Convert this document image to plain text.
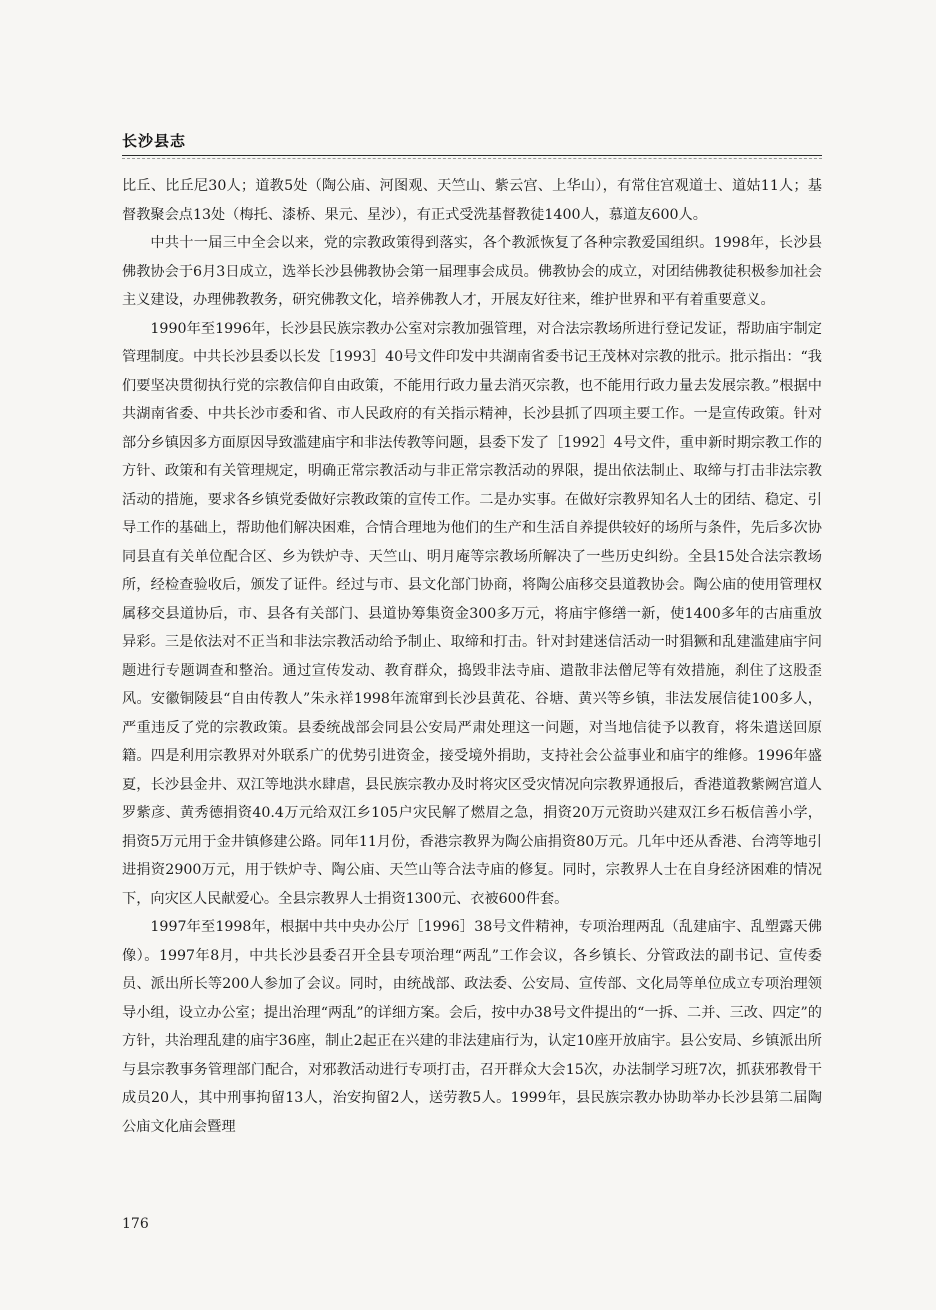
长沙县志

比丘、比丘尼30人；道教5处（陶公庙、河图观、天竺山、紫云宫、上华山），有常住宫观道士、道姑11人；基督教聚会点13处（梅托、漆桥、果元、星沙），有正式受洗基督教徒1400人，慕道友600人。

中共十一届三中全会以来，党的宗教政策得到落实，各个教派恢复了各种宗教爱国组织。1998年，长沙县佛教协会于6月3日成立，选举长沙县佛教协会第一届理事会成员。佛教协会的成立，对团结佛教徒积极参加社会主义建设，办理佛教教务，研究佛教文化，培养佛教人才，开展友好往来，维护世界和平有着重要意义。

1990年至1996年，长沙县民族宗教办公室对宗教加强管理，对合法宗教场所进行登记发证，帮助庙宇制定管理制度。中共长沙县委以长发［1993］40号文件印发中共湖南省委书记王茂林对宗教的批示。批示指出：“我们要坚决贯彻执行党的宗教信仰自由政策，不能用行政力量去消灭宗教，也不能用行政力量去发展宗教。”根据中共湖南省委、中共长沙市委和省、市人民政府的有关指示精神，长沙县抓了四项主要工作。一是宣传政策。针对部分乡镇因多方面原因导致滥建庙宇和非法传教等问题，县委下发了［1992］4号文件，重申新时期宗教工作的方针、政策和有关管理规定，明确正常宗教活动与非正常宗教活动的界限，提出依法制止、取缔与打击非法宗教活动的措施，要求各乡镇党委做好宗教政策的宣传工作。二是办实事。在做好宗教界知名人士的团结、稳定、引导工作的基础上，帮助他们解决困难，合情合理地为他们的生产和生活自养提供较好的场所与条件，先后多次协同县直有关单位配合区、乡为铁炉寺、天竺山、明月庵等宗教场所解决了一些历史纠纷。全县15处合法宗教场所，经检查验收后，颁发了证件。经过与市、县文化部门协商，将陶公庙移交县道教协会。陶公庙的使用管理权属移交县道协后，市、县各有关部门、县道协筹集资金300多万元，将庙宇修缮一新，使1400多年的古庙重放异彩。三是依法对不正当和非法宗教活动给予制止、取缔和打击。针对封建迷信活动一时猖獗和乱建滥建庙宇问题进行专题调查和整治。通过宣传发动、教育群众，捣毁非法寺庙、遣散非法僧尼等有效措施，刹住了这股歪风。安徽铜陵县“自由传教人”朱永祥1998年流窜到长沙县黄花、谷塘、黄兴等乡镇，非法发展信徒100多人，严重违反了党的宗教政策。县委统战部会同县公安局严肃处理这一问题，对当地信徒予以教育，将朱遣送回原籍。四是利用宗教界对外联系广的优势引进资金，接受境外捐助，支持社会公益事业和庙宇的维修。1996年盛夏，长沙县金井、双江等地洪水肆虐，县民族宗教办及时将灾区受灾情况向宗教界通报后，香港道教紫阙宫道人罗紫彦、黄秀德捐资40.4万元给双江乡105户灾民解了燃眉之急，捐资20万元资助兴建双江乡石板信善小学，捐资5万元用于金井镇修建公路。同年11月份，香港宗教界为陶公庙捐资80万元。几年中还从香港、台湾等地引进捐资2900万元，用于铁炉寺、陶公庙、天竺山等合法寺庙的修复。同时，宗教界人士在自身经济困难的情况下，向灾区人民献爱心。全县宗教界人士捐资1300元、衣被600件套。

1997年至1998年，根据中共中央办公厅［1996］38号文件精神，专项治理两乱（乱建庙宇、乱塑露天佛像）。1997年8月，中共长沙县委召开全县专项治理“两乱”工作会议，各乡镇长、分管政法的副书记、宣传委员、派出所长等200人参加了会议。同时，由统战部、政法委、公安局、宣传部、文化局等单位成立专项治理领导小组，设立办公室；提出治理“两乱”的详细方案。会后，按中办38号文件提出的“一拆、二并、三改、四定”的方针，共治理乱建的庙宇36座，制止2起正在兴建的非法建庙行为，认定10座开放庙宇。县公安局、乡镇派出所与县宗教事务管理部门配合，对邪教活动进行专项打击，召开群众大会15次，办法制学习班7次，抓获邪教骨干成员20人，其中刑事拘留13人，治安拘留2人，送劳教5人。1999年，县民族宗教办协助举办长沙县第二届陶公庙文化庙会暨理

176
